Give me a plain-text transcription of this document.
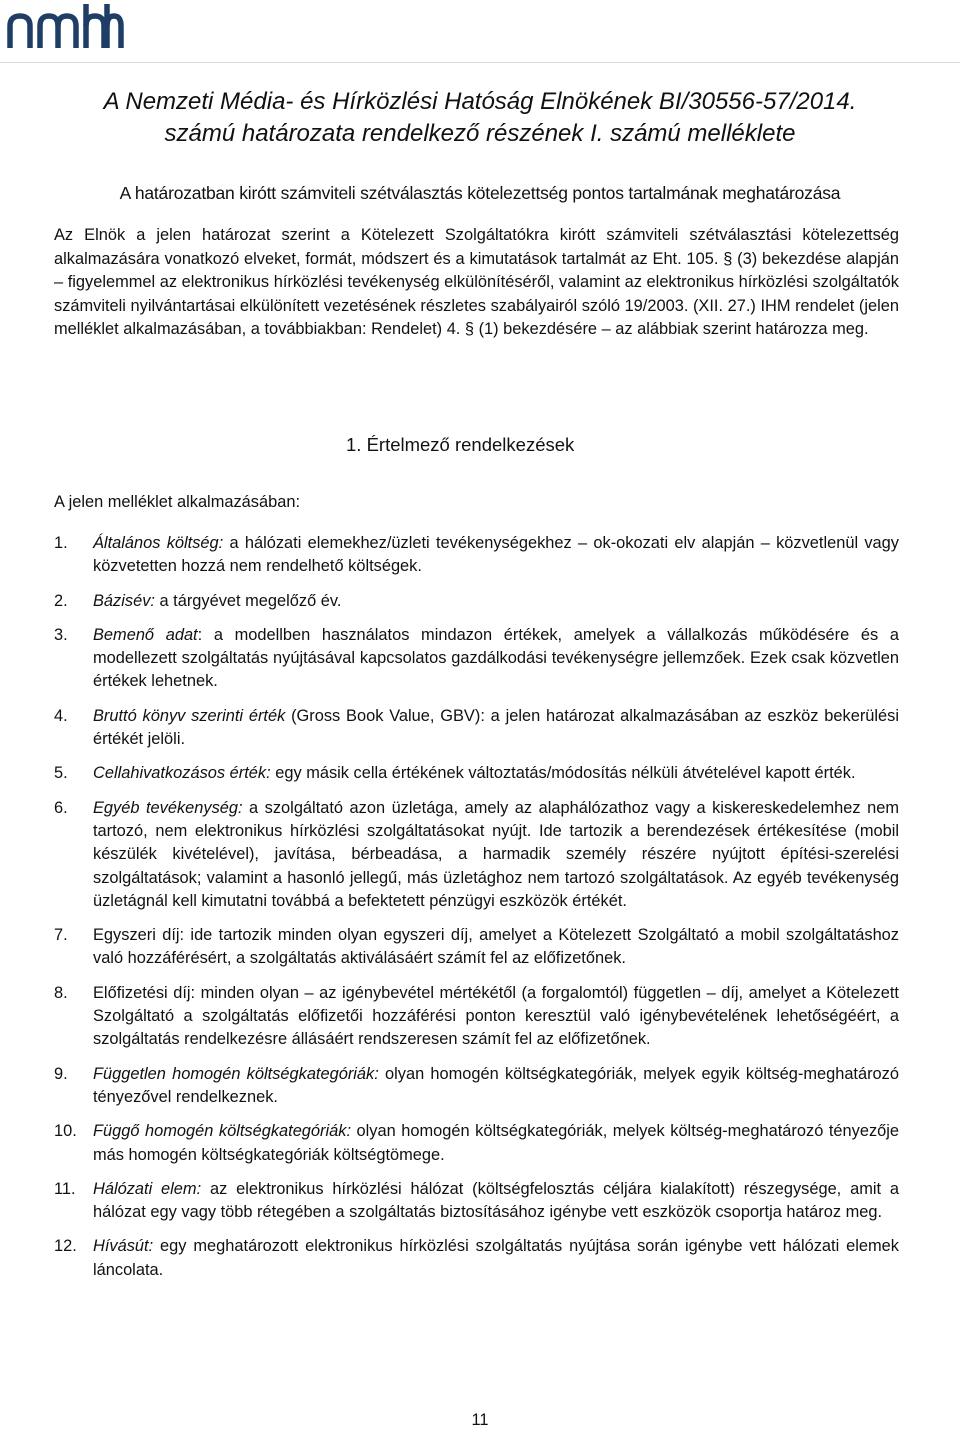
A Nemzeti Média- és Hírközlési Hatóság Elnökének BI/30556-57/2014.
számú határozata rendelkező részének I. számú melléklete
A határozatban kirótt számviteli szétválasztás kötelezettség pontos tartalmának meghatározása
Az Elnök a jelen határozat szerint a Kötelezett Szolgáltatókra kirótt számviteli szétválasztási kötelezettség alkalmazására vonatkozó elveket, formát, módszert és a kimutatások tartalmát az Eht. 105. § (3) bekezdése alapján – figyelemmel az elektronikus hírközlési tevékenység elkülönítéséről, valamint az elektronikus hírközlési szolgáltatók számviteli nyilvántartásai elkülönített vezetésének részletes szabályairól szóló 19/2003. (XII. 27.) IHM rendelet (jelen melléklet alkalmazásában, a továbbiakban: Rendelet) 4. § (1) bekezdésére – az alábbiak szerint határozza meg.
1. Értelmező rendelkezések
A jelen melléklet alkalmazásában:
1.	Általános költség: a hálózati elemekhez/üzleti tevékenységekhez – ok-okozati elv alapján – közvetlenül vagy közvetetten hozzá nem rendelhető költségek.
2.	Bázisév: a tárgyévet megelőző év.
3.	Bemenő adat: a modellben használatos mindazon értékek, amelyek a vállalkozás működésére és a modellezett szolgáltatás nyújtásával kapcsolatos gazdálkodási tevékenységre jellemzőek. Ezek csak közvetlen értékek lehetnek.
4.	Bruttó könyv szerinti érték (Gross Book Value, GBV): a jelen határozat alkalmazásában az eszköz bekerülési értékét jelöli.
5.	Cellahivatkozásos érték: egy másik cella értékének változtatás/módosítás nélküli átvételével kapott érték.
6.	Egyéb tevékenység: a szolgáltató azon üzletága, amely az alaphálózathoz vagy a kiskereskedelemhez nem tartozó, nem elektronikus hírközlési szolgáltatásokat nyújt. Ide tartozik a berendezések értékesítése (mobil készülék kivételével), javítása, bérbeadása, a harmadik személy részére nyújtott építési-szerelési szolgáltatások; valamint a hasonló jellegű, más üzletághoz nem tartozó szolgáltatások. Az egyéb tevékenység üzletágnál kell kimutatni továbbá a befektetett pénzügyi eszközök értékét.
7.	Egyszeri díj: ide tartozik minden olyan egyszeri díj, amelyet a Kötelezett Szolgáltató a mobil szolgáltatáshoz való hozzáférésért, a szolgáltatás aktiválásáért számít fel az előfizetőnek.
8.	Előfizetési díj: minden olyan – az igénybevétel mértékétől (a forgalomtól) független – díj, amelyet a Kötelezett Szolgáltató a szolgáltatás előfizetői hozzáférési ponton keresztül való igénybevételének lehetőségéért, a szolgáltatás rendelkezésre állásáért rendszeresen számít fel az előfizetőnek.
9.	Független homogén költségkategóriák: olyan homogén költségkategóriák, melyek egyik költség-meghatározó tényezővel rendelkeznek.
10. Függő homogén költségkategóriák: olyan homogén költségkategóriák, melyek költség-meghatározó tényezője más homogén költségkategóriák költségtömege.
11.	Hálózati elem: az elektronikus hírközlési hálózat (költségfelosztás céljára kialakított) részegysége, amit a hálózat egy vagy több rétegében a szolgáltatás biztosításához igénybe vett eszközök csoportja határoz meg.
12. Hívásút: egy meghatározott elektronikus hírközlési szolgáltatás nyújtása során igénybe vett hálózati elemek láncolata.
11
